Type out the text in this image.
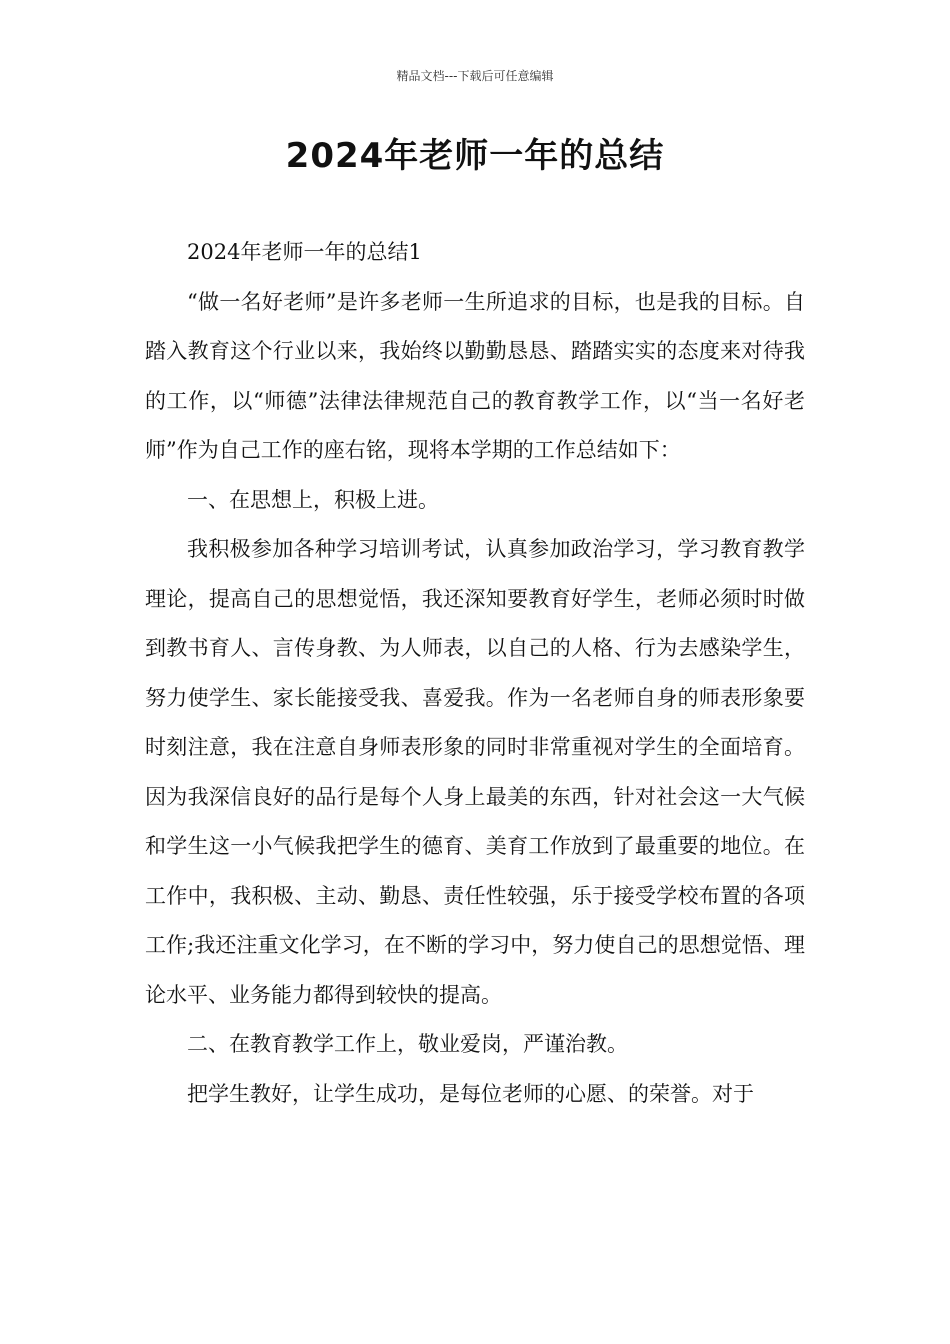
精品文档---下载后可任意编辑
2024年老师一年的总结

2024年老师一年的总结1

“做一名好老师”是许多老师一生所追求的目标，也是我的目标。自踏入教育这个行业以来，我始终以勤勤恳恳、踏踏实实的态度来对待我的工作，以“师德”法律法律规范自己的教育教学工作，以“当一名好老师”作为自己工作的座右铭，现将本学期的工作总结如下：

一、在思想上，积极上进。

我积极参加各种学习培训考试，认真参加政治学习，学习教育教学理论，提高自己的思想觉悟，我还深知要教育好学生，老师必须时时做到教书育人、言传身教、为人师表，以自己的人格、行为去感染学生，努力使学生、家长能接受我、喜爱我。作为一名老师自身的师表形象要时刻注意，我在注意自身师表形象的同时非常重视对学生的全面培育。因为我深信良好的品行是每个人身上最美的东西，针对社会这一大气候和学生这一小气候我把学生的德育、美育工作放到了最重要的地位。在工作中，我积极、主动、勤恳、责任性较强，乐于接受学校布置的各项工作;我还注重文化学习，在不断的学习中，努力使自己的思想觉悟、理论水平、业务能力都得到较快的提高。

二、在教育教学工作上，敬业爱岗，严谨治教。

把学生教好，让学生成功，是每位老师的心愿、的荣誉。对于
